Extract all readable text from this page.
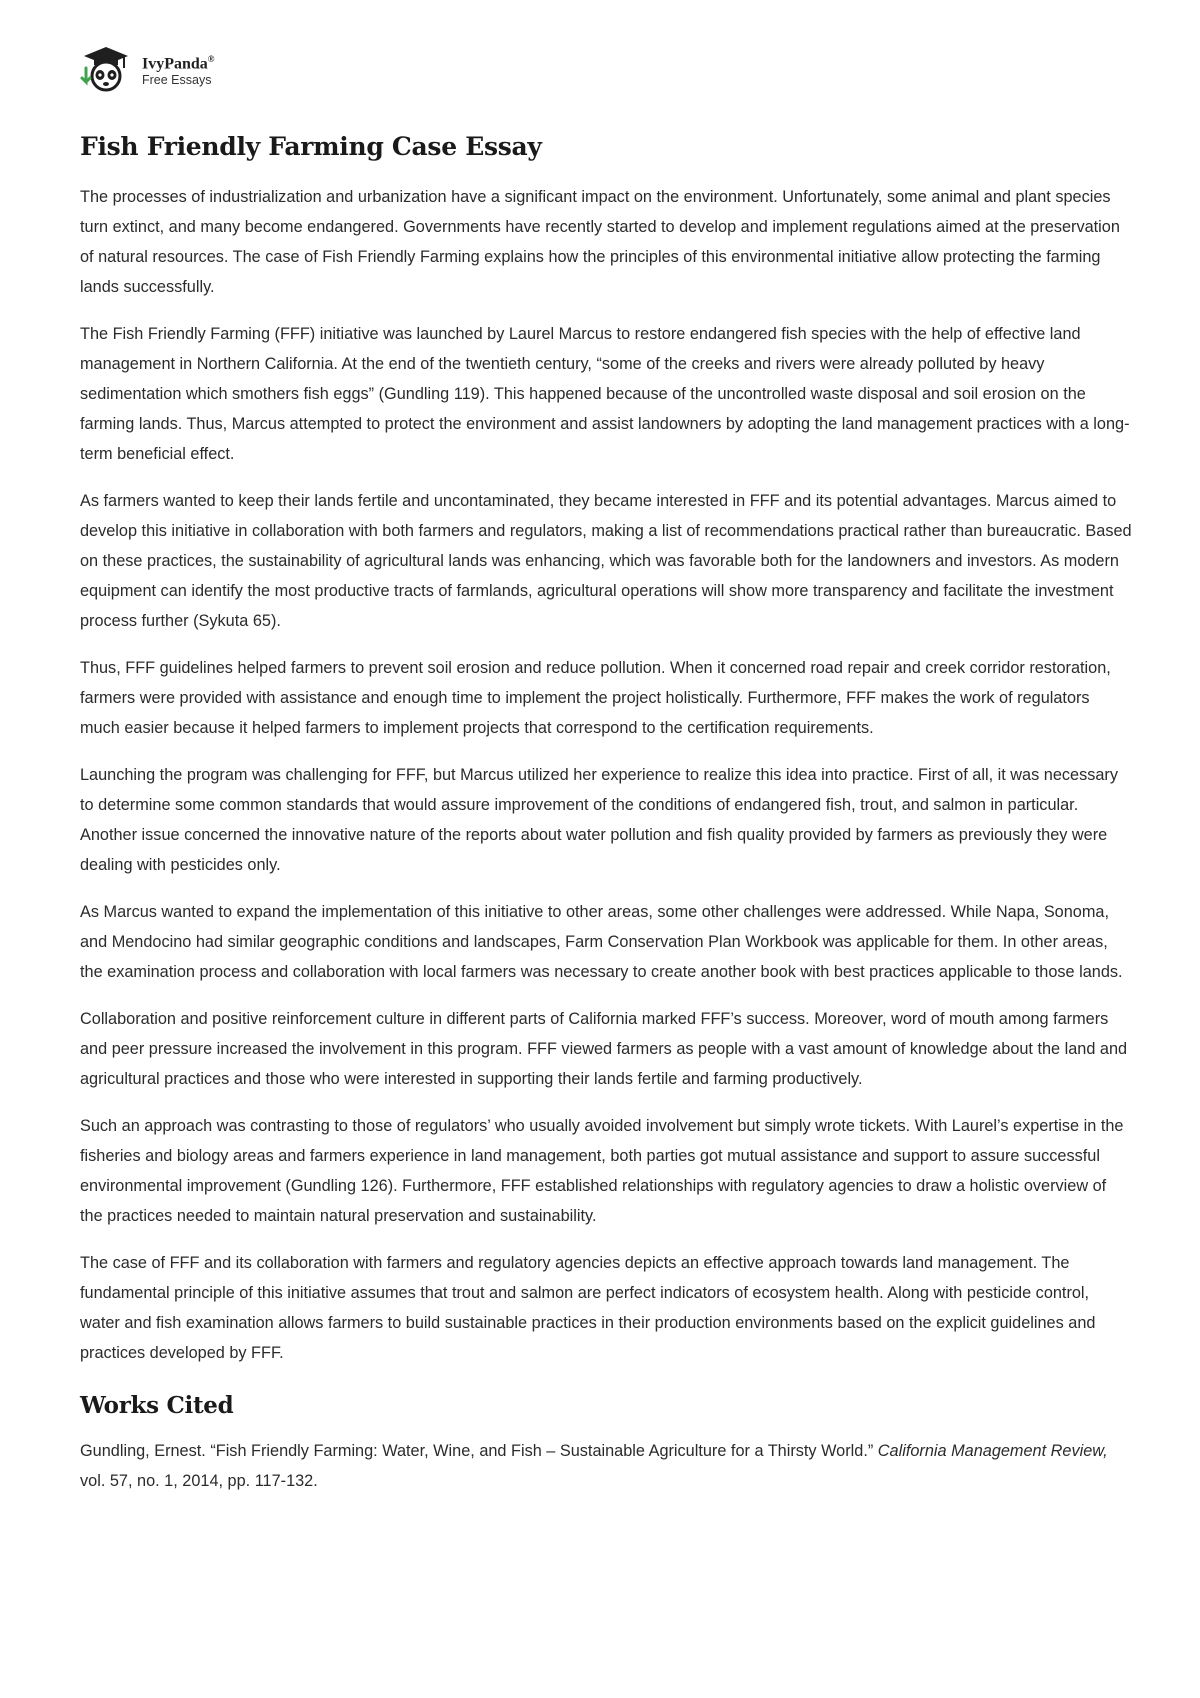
IvyPanda®
Free Essays
Fish Friendly Farming Case Essay

The processes of industrialization and urbanization have a significant impact on the environment. Unfortunately, some animal and plant species turn extinct, and many become endangered. Governments have recently started to develop and implement regulations aimed at the preservation of natural resources. The case of Fish Friendly Farming explains how the principles of this environmental initiative allow protecting the farming lands successfully.

The Fish Friendly Farming (FFF) initiative was launched by Laurel Marcus to restore endangered fish species with the help of effective land management in Northern California. At the end of the twentieth century, “some of the creeks and rivers were already polluted by heavy sedimentation which smothers fish eggs” (Gundling 119). This happened because of the uncontrolled waste disposal and soil erosion on the farming lands. Thus, Marcus attempted to protect the environment and assist landowners by adopting the land management practices with a long-term beneficial effect.

As farmers wanted to keep their lands fertile and uncontaminated, they became interested in FFF and its potential advantages. Marcus aimed to develop this initiative in collaboration with both farmers and regulators, making a list of recommendations practical rather than bureaucratic. Based on these practices, the sustainability of agricultural lands was enhancing, which was favorable both for the landowners and investors. As modern equipment can identify the most productive tracts of farmlands, agricultural operations will show more transparency and facilitate the investment process further (Sykuta 65).

Thus, FFF guidelines helped farmers to prevent soil erosion and reduce pollution. When it concerned road repair and creek corridor restoration, farmers were provided with assistance and enough time to implement the project holistically. Furthermore, FFF makes the work of regulators much easier because it helped farmers to implement projects that correspond to the certification requirements.

Launching the program was challenging for FFF, but Marcus utilized her experience to realize this idea into practice. First of all, it was necessary to determine some common standards that would assure improvement of the conditions of endangered fish, trout, and salmon in particular. Another issue concerned the innovative nature of the reports about water pollution and fish quality provided by farmers as previously they were dealing with pesticides only.

As Marcus wanted to expand the implementation of this initiative to other areas, some other challenges were addressed. While Napa, Sonoma, and Mendocino had similar geographic conditions and landscapes, Farm Conservation Plan Workbook was applicable for them. In other areas, the examination process and collaboration with local farmers was necessary to create another book with best practices applicable to those lands.

Collaboration and positive reinforcement culture in different parts of California marked FFF’s success. Moreover, word of mouth among farmers and peer pressure increased the involvement in this program. FFF viewed farmers as people with a vast amount of knowledge about the land and agricultural practices and those who were interested in supporting their lands fertile and farming productively.

Such an approach was contrasting to those of regulators’ who usually avoided involvement but simply wrote tickets. With Laurel’s expertise in the fisheries and biology areas and farmers experience in land management, both parties got mutual assistance and support to assure successful environmental improvement (Gundling 126). Furthermore, FFF established relationships with regulatory agencies to draw a holistic overview of the practices needed to maintain natural preservation and sustainability.

The case of FFF and its collaboration with farmers and regulatory agencies depicts an effective approach towards land management. The fundamental principle of this initiative assumes that trout and salmon are perfect indicators of ecosystem health. Along with pesticide control, water and fish examination allows farmers to build sustainable practices in their production environments based on the explicit guidelines and practices developed by FFF.

Works Cited

Gundling, Ernest. “Fish Friendly Farming: Water, Wine, and Fish – Sustainable Agriculture for a Thirsty World.” California Management Review, vol. 57, no. 1, 2014, pp. 117-132.
